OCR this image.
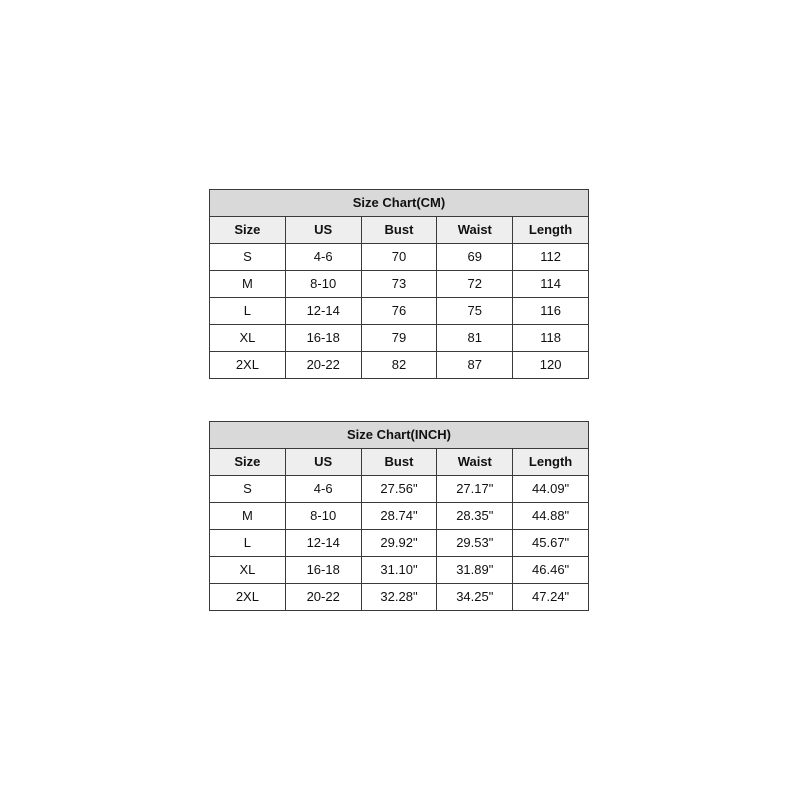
Size Chart(CM)				
Size	US	Bust	Waist	Length
S	4-6	70	69	112
M	8-10	73	72	114
L	12-14	76	75	116
XL	16-18	79	81	118
2XL	20-22	82	87	120
Size Chart(INCH)				
Size	US	Bust	Waist	Length
S	4-6	27.56"	27.17"	44.09"
M	8-10	28.74"	28.35"	44.88"
L	12-14	29.92"	29.53"	45.67"
XL	16-18	31.10"	31.89"	46.46"
2XL	20-22	32.28"	34.25"	47.24"
